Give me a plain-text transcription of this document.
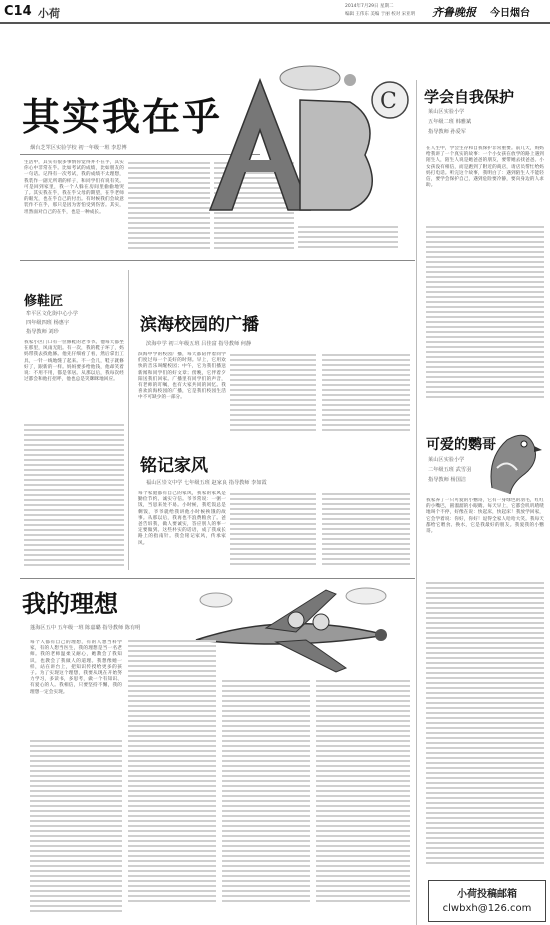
C14 小荷
2014年7月29日 星期二
编辑 王伟东 美编 于丽 校对 宋亚明 齐鲁晚报 今日烟台
其实我在乎
烟台芝罘区实验学校 初一年级一班 李思博
生活中，其实有很多事情你觉得并不在乎，其实你心中非常在乎。比如考试的成绩，比如朋友的一句话。记得有一次考试，我的成绩不太理想，我装作一副无所谓的样子，和同学们有说有笑。可是回到家里，我一个人躲在房间里偷偷地哭了。其实我在乎，我在乎父母的期望，在乎老师的眼光，也在乎自己的付出。有时候我们会故意装作不在乎，那只是因为害怕受到伤害。其实，坦然面对自己的在乎，也是一种成长。
C 学会自我保护
莱山区实验小学
五年级二班 韩雅斌
指导教师 孙爱军
在人生中，学会生存和自我保护非常重要。前几天，妈妈给我讲了一个真实的故事：一个小女孩在放学的路上遇到陌生人，陌生人说是她爸爸的朋友，要带她去找爸爸。小女孩没有相信，而是跑到了附近的商店，请店员帮忙给妈妈打电话。听完这个故事，我明白了：遇到陌生人不能轻信，要学会保护自己，遇到危险要冷静，要向身边的人求助。
修鞋匠
牟平区文化街中心小学
四年级四班 杨惠宇
指导教师 刘珍
我家小区门口有一位修鞋的老爷爷。他每天都坐在那里，风雨无阻。有一次，我的鞋子坏了，妈妈带我去找他修。他先仔细看了看，然后拿出工具，一针一线地缝了起来。不一会儿，鞋子就修好了，跟新的一样。妈妈要多给他钱，他却笑着说：不用不用，都是邻居。从那以后，我每次经过都会和他打招呼，他也总是笑眯眯地回应。
滨海校园的广播
滨海中学 初三年级五班 吕佳富 指导教师 何静
滨海中学的校园广播，每天都陪伴着同学们度过每一个美好的时刻。早上，它用欢快的音乐叫醒校园；中午，它为我们播送新闻和同学们的好文章；傍晚，它伴着夕阳送我们回家。广播里有同学们的声音，有老师的叮嘱，也有大家共同的回忆。我喜欢滨海校园的广播，它是我们校园生活中不可缺少的一部分。
可爱的鹦哥
莱山区实验小学
二年级五班 武雪羽
指导教师 杨国洁
我家养了一只可爱的小鹦哥，它有一身绿色的羽毛，红红的小嘴巴，圆溜溜的小眼睛。每天早上，它都会叽叽喳喳地叫个不停，好像在说：快起床，快起床！我放学回家，它会学着说：你好，你好！逗得全家人哈哈大笑。我每天都给它喂食、换水，它是我最好的朋友。我爱我的小鹦哥。
铭记家风
福山区崇文中学 七年级五班 赵家良 指导教师 李如霞
每个家庭都有自己的家风，我家的家风是勤俭节约、诚实守信。爷爷常说：一粥一饭，当思来处不易。小时候，我吃饭总是剩饭，爷爷就给我讲他小时候挨饿的故事。从那以后，我再也不浪费粮食了。爸爸告诉我，做人要诚实，答应别人的事一定要做到。这些朴实的话语，成了我成长路上的指南针。我会铭记家风，传承家风。
我的理想
蓬海区五中 五年级一班 陈嘉璐 指导教师 陈有明
每个人都有自己的理想，有的人想当科学家，有的人想当医生，我的理想是当一名老师。我的老师温柔又耐心，她教会了我知识，也教会了我做人的道理。我想像她一样，站在讲台上，把知识传授给更多的孩子。为了实现这个理想，我要从现在开始努力学习，多读书，多思考，做一个有知识、有爱心的人。我相信，只要坚持不懈，我的理想一定会实现。
小荷投稿邮箱
clwbxh@126.com
